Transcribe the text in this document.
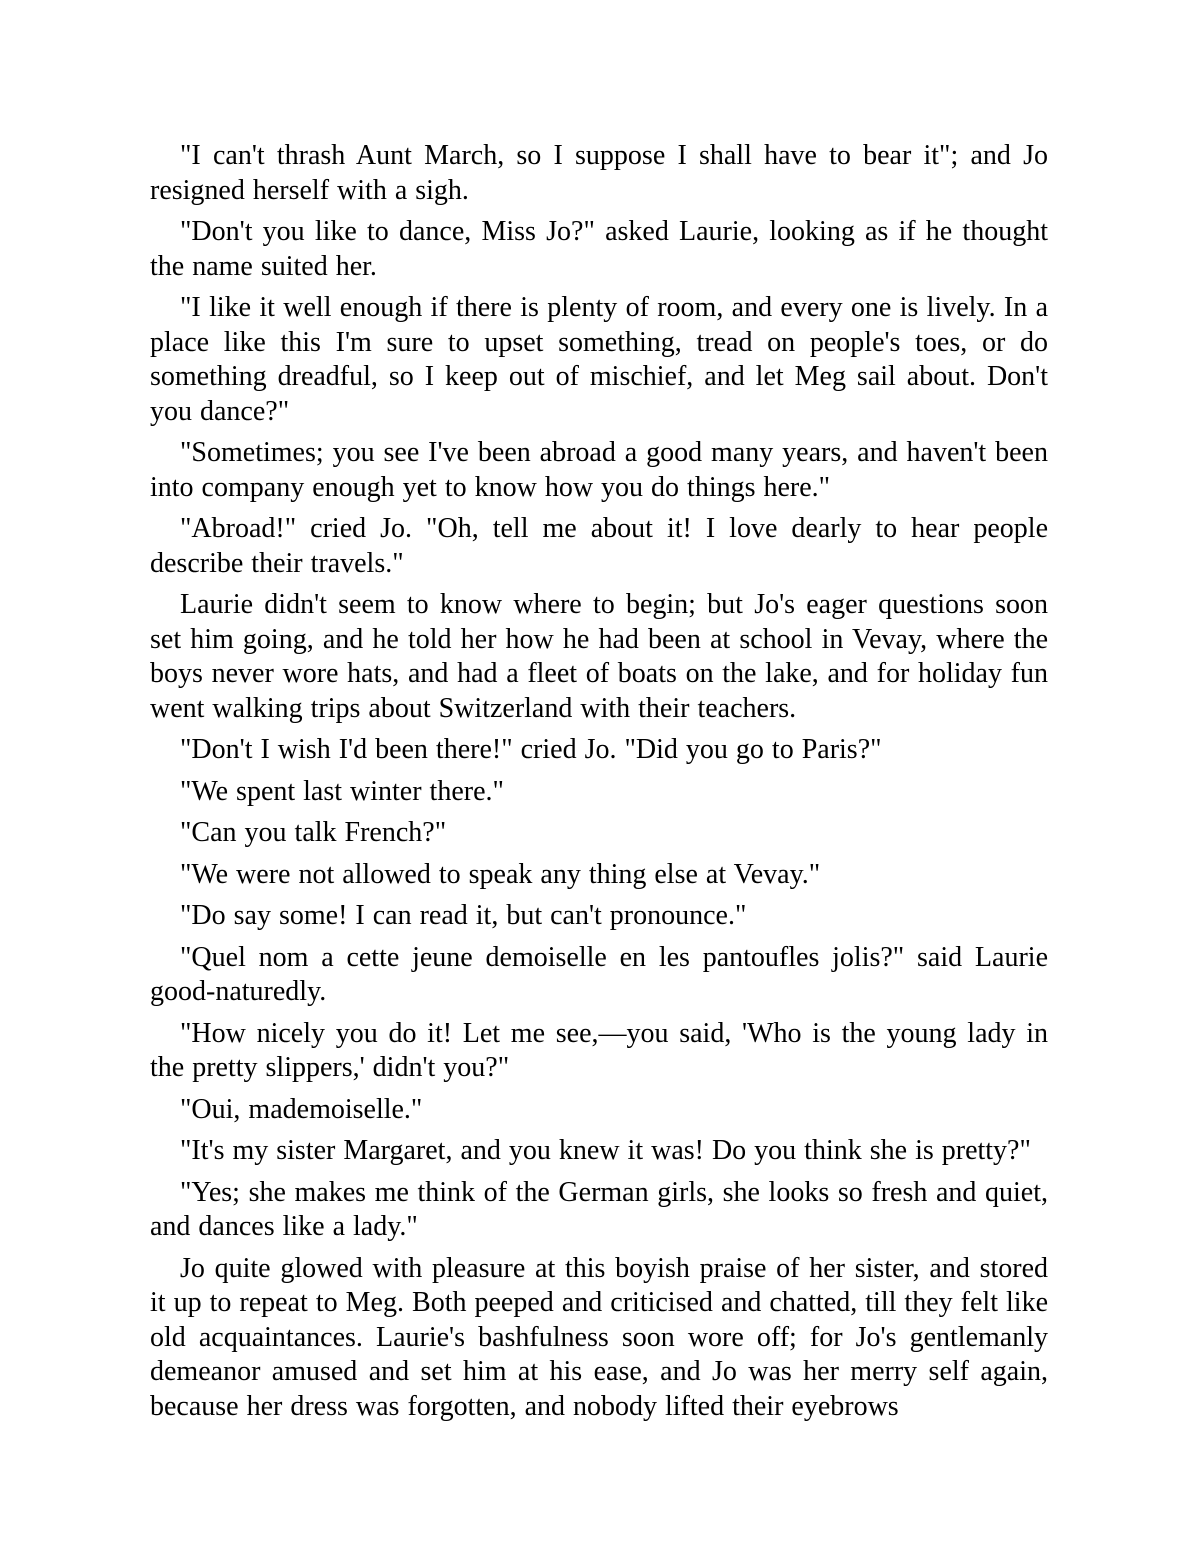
"I can't thrash Aunt March, so I suppose I shall have to bear it"; and Jo resigned herself with a sigh.

"Don't you like to dance, Miss Jo?" asked Laurie, looking as if he thought the name suited her.

"I like it well enough if there is plenty of room, and every one is lively. In a place like this I'm sure to upset something, tread on people's toes, or do something dreadful, so I keep out of mischief, and let Meg sail about. Don't you dance?"

"Sometimes; you see I've been abroad a good many years, and haven't been into company enough yet to know how you do things here."

"Abroad!" cried Jo. "Oh, tell me about it! I love dearly to hear people describe their travels."

Laurie didn't seem to know where to begin; but Jo's eager questions soon set him going, and he told her how he had been at school in Vevay, where the boys never wore hats, and had a fleet of boats on the lake, and for holiday fun went walking trips about Switzerland with their teachers.

"Don't I wish I'd been there!" cried Jo. "Did you go to Paris?"

"We spent last winter there."

"Can you talk French?"

"We were not allowed to speak any thing else at Vevay."

"Do say some! I can read it, but can't pronounce."

"Quel nom a cette jeune demoiselle en les pantoufles jolis?" said Laurie good-naturedly.

"How nicely you do it! Let me see,—you said, 'Who is the young lady in the pretty slippers,' didn't you?"

"Oui, mademoiselle."

"It's my sister Margaret, and you knew it was! Do you think she is pretty?"

"Yes; she makes me think of the German girls, she looks so fresh and quiet, and dances like a lady."

Jo quite glowed with pleasure at this boyish praise of her sister, and stored it up to repeat to Meg. Both peeped and criticised and chatted, till they felt like old acquaintances. Laurie's bashfulness soon wore off; for Jo's gentlemanly demeanor amused and set him at his ease, and Jo was her merry self again, because her dress was forgotten, and nobody lifted their eyebrows
